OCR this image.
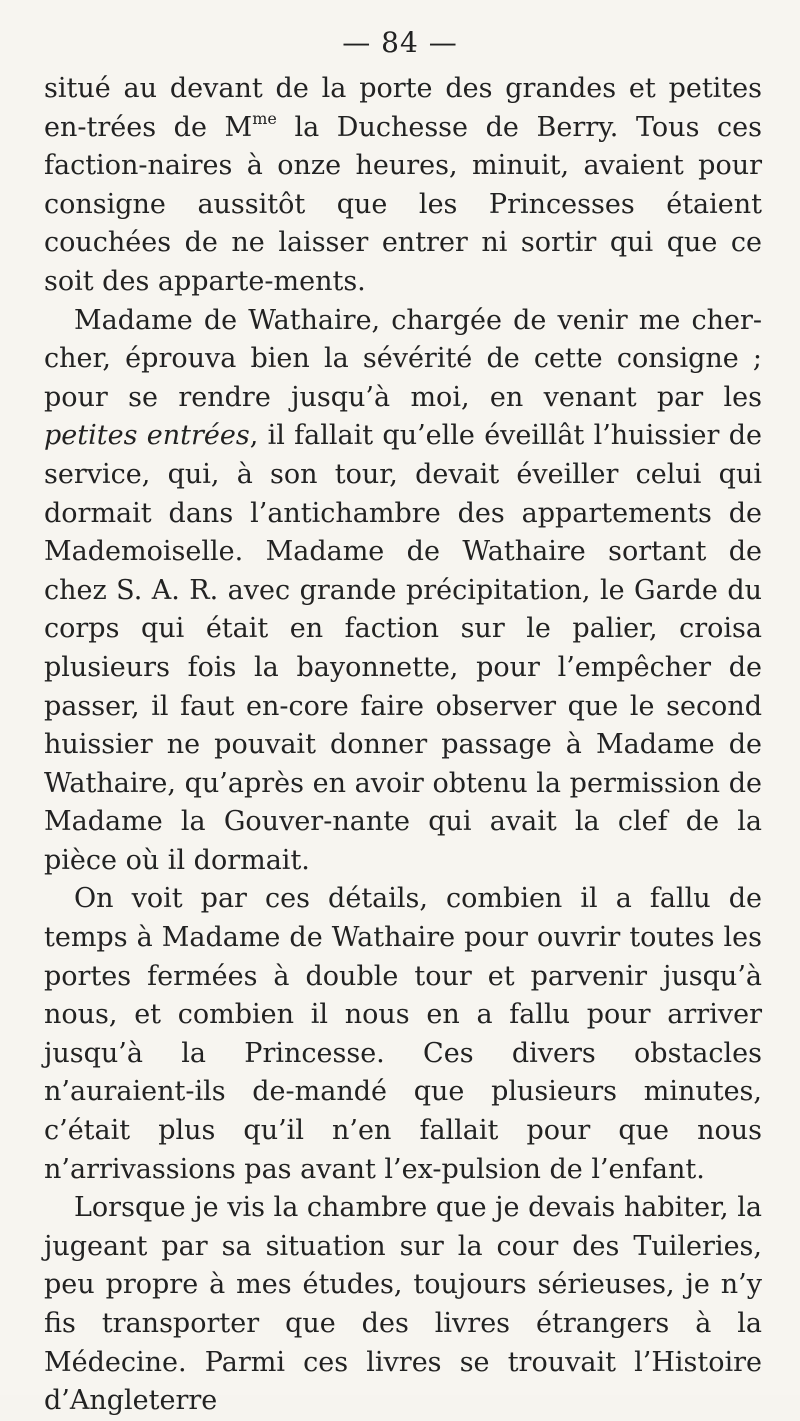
— 84 —

situé au devant de la porte des grandes et petites en-trées de $M^{me}$ la Duchesse de Berry. Tous ces faction-naires à onze heures, minuit, avaient pour consigne aussitôt que les Princesses étaient couchées de ne laisser entrer ni sortir qui que ce soit des apparte-ments.

Madame de Wathaire, chargée de venir me cher-cher, éprouva bien la sévérité de cette consigne ; pour se rendre jusqu’à moi, en venant par les petites entrées, il fallait qu’elle éveillât l’huissier de service, qui, à son tour, devait éveiller celui qui dormait dans l’antichambre des appartements de Mademoiselle. Madame de Wathaire sortant de chez S. A. R. avec grande précipitation, le Garde du corps qui était en faction sur le palier, croisa plusieurs fois la bayonnette, pour l’empêcher de passer, il faut en-core faire observer que le second huissier ne pouvait donner passage à Madame de Wathaire, qu’après en avoir obtenu la permission de Madame la Gouver-nante qui avait la clef de la pièce où il dormait.

On voit par ces détails, combien il a fallu de temps à Madame de Wathaire pour ouvrir toutes les portes fermées à double tour et parvenir jusqu’à nous, et combien il nous en a fallu pour arriver jusqu’à la Princesse. Ces divers obstacles n’auraient-ils de-mandé que plusieurs minutes, c’était plus qu’il n’en fallait pour que nous n’arrivassions pas avant l’ex-pulsion de l’enfant.

Lorsque je vis la chambre que je devais habiter, la jugeant par sa situation sur la cour des Tuileries, peu propre à mes études, toujours sérieuses, je n’y fis transporter que des livres étrangers à la Médecine. Parmi ces livres se trouvait l’Histoire d’Angleterre
